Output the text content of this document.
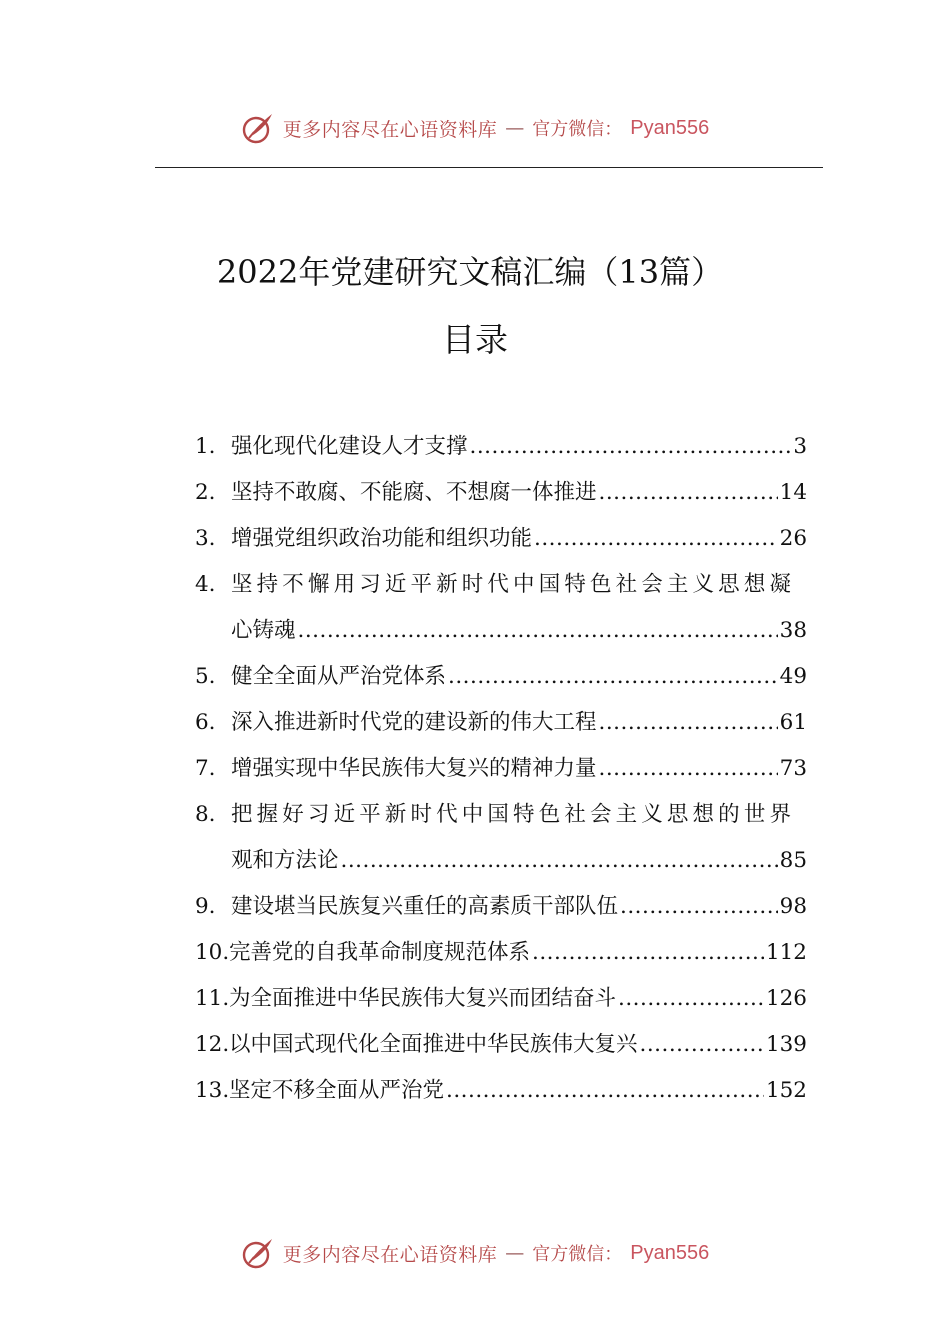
更多内容尽在心语资料库 — 官方微信： Pyan556
2022年党建研究文稿汇编（13篇）
目录
1. 强化现代化建设人才支撑 .....	3
2. 坚持不敢腐、不能腐、不想腐一体推进 .....	14
3. 增强党组织政治功能和组织功能 .....	26
4. 坚 持 不 懈 用 习 近 平 新 时 代 中 国 特 色 社 会 主 义 思 想 凝
心铸魂 .....	38
5. 健全全面从严治党体系 .....	49
6. 深入推进新时代党的建设新的伟大工程 .....	61
7. 增强实现中华民族伟大复兴的精神力量 .....	73
8. 把 握 好 习 近 平 新 时 代 中 国 特 色 社 会 主 义 思 想 的 世 界
观和方法论 .....	85
9. 建设堪当民族复兴重任的高素质干部队伍 .....	98
10. 完善党的自我革命制度规范体系 .....	112
11. 为全面推进中华民族伟大复兴而团结奋斗 .....	126
12. 以中国式现代化全面推进中华民族伟大复兴 .....	139
13. 坚定不移全面从严治党 .....	152
更多内容尽在心语资料库 — 官方微信： Pyan556
